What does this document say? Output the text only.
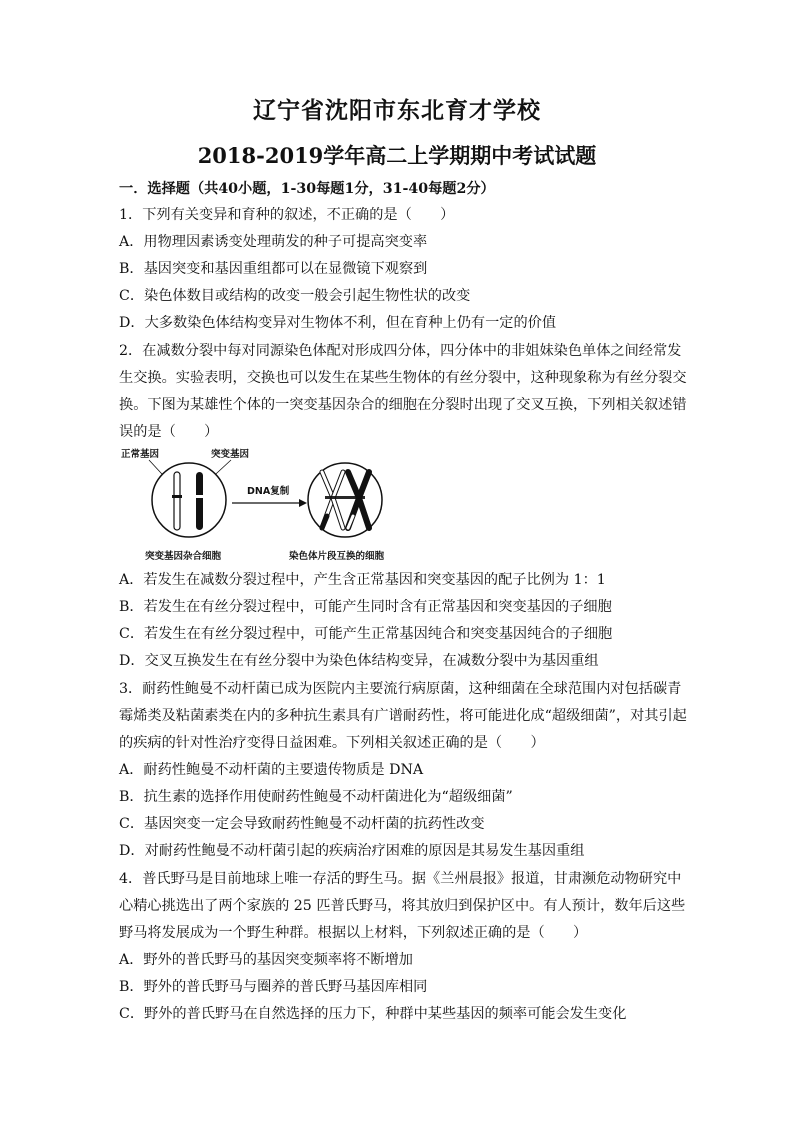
辽宁省沈阳市东北育才学校
2018-2019学年高二上学期期中考试试题
一．选择题（共40小题，1-30每题1分，31-40每题2分）
1．下列有关变异和育种的叙述，不正确的是（　　）
A．用物理因素诱变处理萌发的种子可提高突变率
B．基因突变和基因重组都可以在显微镜下观察到
C．染色体数目或结构的改变一般会引起生物性状的改变
D．大多数染色体结构变异对生物体不利，但在育种上仍有一定的价值
2．在减数分裂中每对同源染色体配对形成四分体，四分体中的非姐妹染色单体之间经常发
生交换。实验表明，交换也可以发生在某些生物体的有丝分裂中，这种现象称为有丝分裂交
换。下图为某雄性个体的一突变基因杂合的细胞在分裂时出现了交叉互换，下列相关叙述错
误的是（　　）
正常基因	突变基因
DNA复制
突变基因杂合细胞	染色体片段互换的细胞
A．若发生在减数分裂过程中，产生含正常基因和突变基因的配子比例为 1：1
B．若发生在有丝分裂过程中，可能产生同时含有正常基因和突变基因的子细胞
C．若发生在有丝分裂过程中，可能产生正常基因纯合和突变基因纯合的子细胞
D．交叉互换发生在有丝分裂中为染色体结构变异，在减数分裂中为基因重组
3．耐药性鲍曼不动杆菌已成为医院内主要流行病原菌，这种细菌在全球范围内对包括碳青
霉烯类及粘菌素类在内的多种抗生素具有广谱耐药性，将可能进化成“超级细菌”，对其引起
的疾病的针对性治疗变得日益困难。下列相关叙述正确的是（　　）
A．耐药性鲍曼不动杆菌的主要遗传物质是 DNA
B．抗生素的选择作用使耐药性鲍曼不动杆菌进化为“超级细菌”
C．基因突变一定会导致耐药性鲍曼不动杆菌的抗药性改变
D．对耐药性鲍曼不动杆菌引起的疾病治疗困难的原因是其易发生基因重组
4．普氏野马是目前地球上唯一存活的野生马。据《兰州晨报》报道，甘肃濒危动物研究中
心精心挑选出了两个家族的 25 匹普氏野马，将其放归到保护区中。有人预计，数年后这些
野马将发展成为一个野生种群。根据以上材料，下列叙述正确的是（　　）
A．野外的普氏野马的基因突变频率将不断增加
B．野外的普氏野马与圈养的普氏野马基因库相同
C．野外的普氏野马在自然选择的压力下，种群中某些基因的频率可能会发生变化
